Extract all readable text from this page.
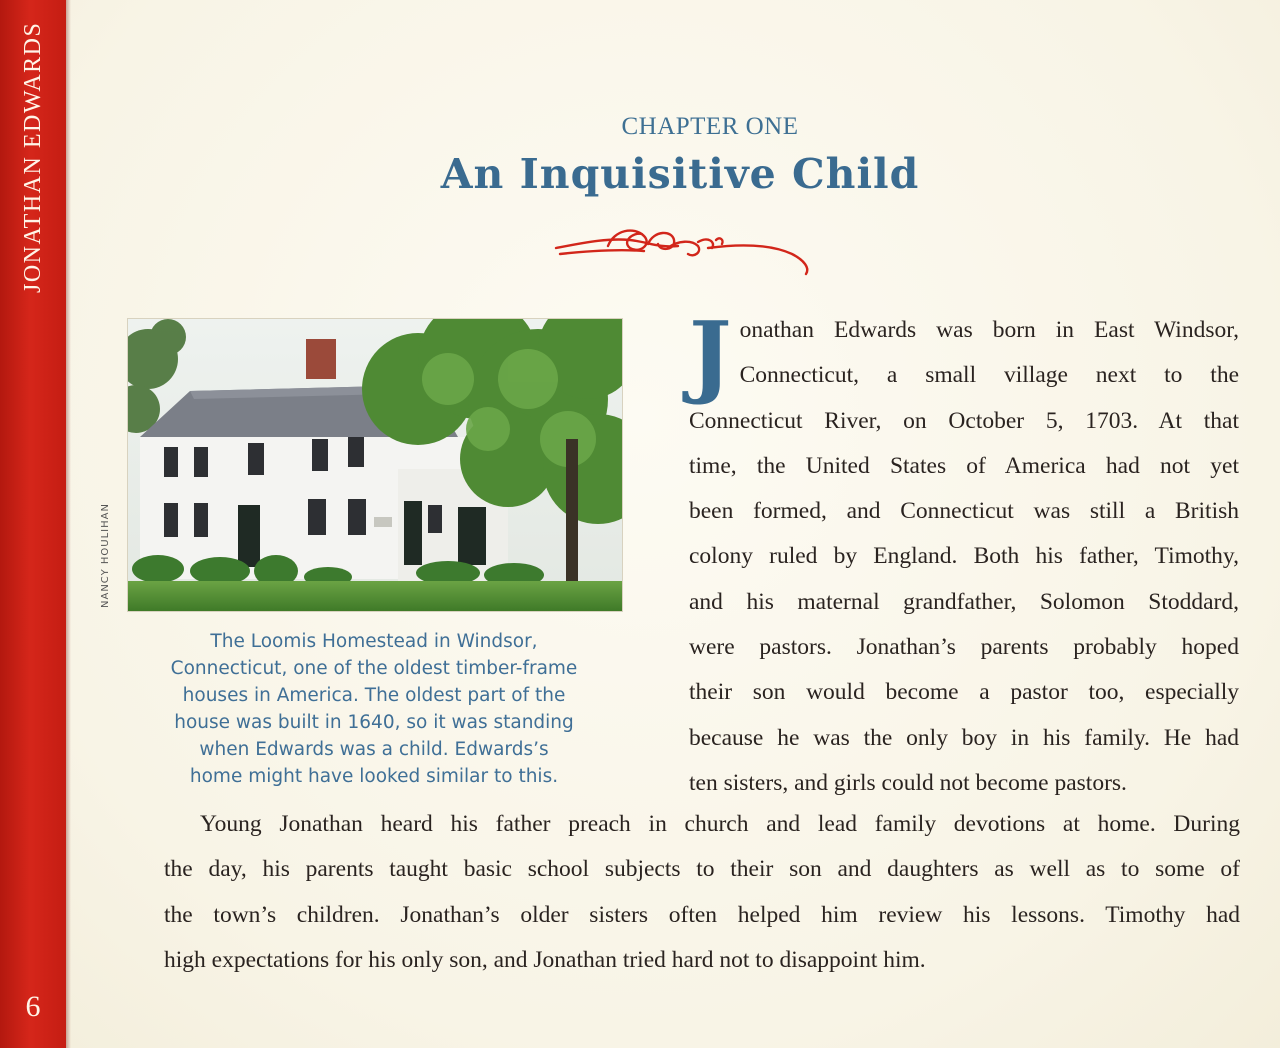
JONATHAN EDWARDS
6
CHAPTER ONE
An Inquisitive Child
NANCY HOULIHAN
The Loomis Homestead in Windsor,
Connecticut, one of the oldest timber-frame
houses in America. The oldest part of the
house was built in 1640, so it was standing
when Edwards was a child. Edwards’s
home might have looked similar to this.
J onathan Edwards was born in East Windsor,
Connecticut, a small village next to the
Connecticut River, on October 5, 1703. At that
time, the United States of America had not yet
been formed, and Connecticut was still a British
colony ruled by England. Both his father, Timothy,
and his maternal grandfather, Solomon Stoddard,
were pastors. Jonathan’s parents probably hoped
their son would become a pastor too, especially
because he was the only boy in his family. He had
ten sisters, and girls could not become pastors.
Young Jonathan heard his father preach in church and lead family devotions at home. During
the day, his parents taught basic school subjects to their son and daughters as well as to some of
the town’s children. Jonathan’s older sisters often helped him review his lessons. Timothy had
high expectations for his only son, and Jonathan tried hard not to disappoint him.
